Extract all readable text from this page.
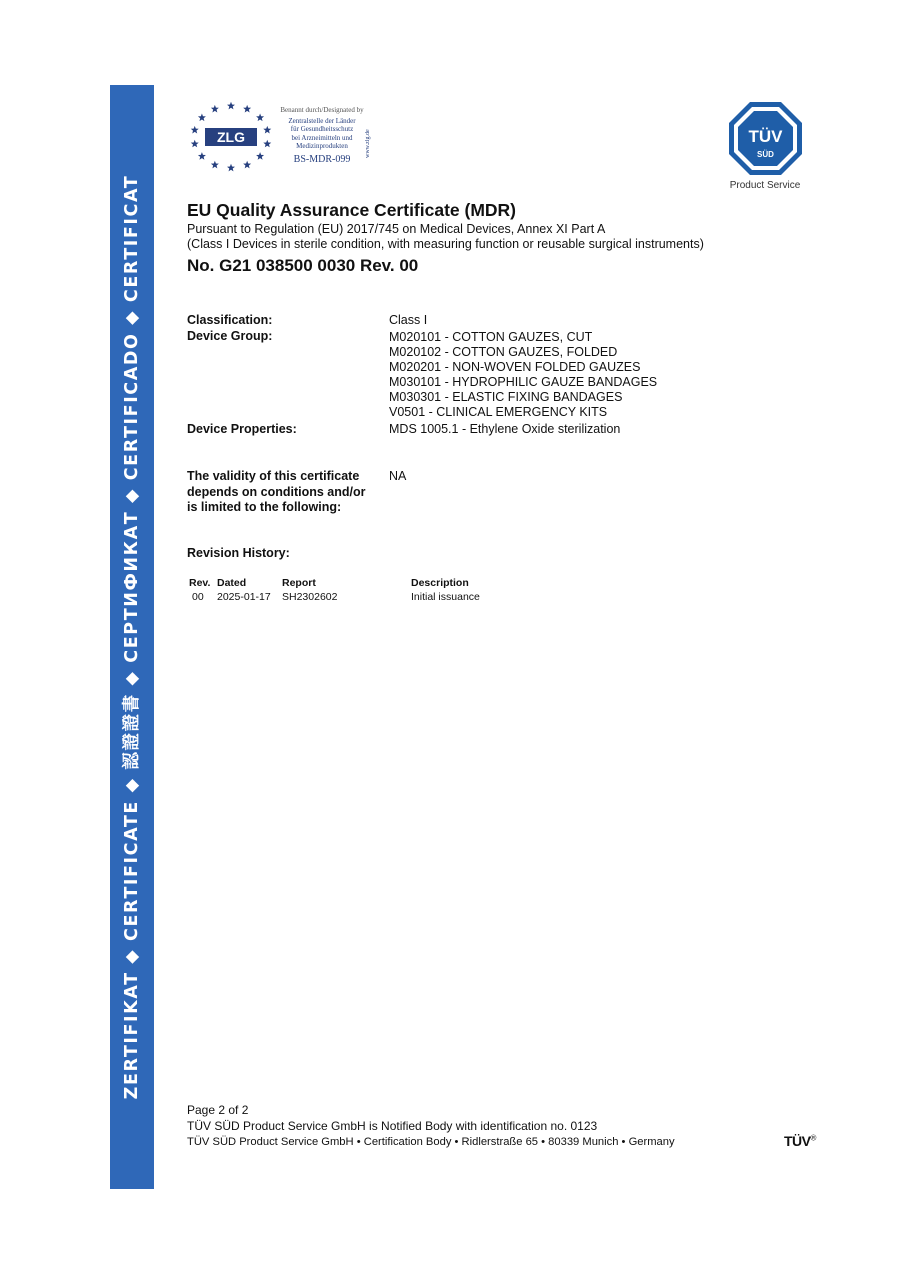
ZERTIFIKAT ◆ CERTIFICATE ◆ 認證證書 ◆ СЕРТИФИКАТ ◆ CERTIFICADO ◆ CERTIFICAT
ZLG
Benannt durch/Designated by
Zentralstelle der Länder
für Gesundheitsschutz
bei Arzneimitteln und
Medizinprodukten
BS-MDR-099
www.zlg.de	TÜV
SÜD
Product Service
EU Quality Assurance Certificate (MDR)
Pursuant to Regulation (EU) 2017/745 on Medical Devices, Annex XI Part A
(Class I Devices in sterile condition, with measuring function or reusable surgical instruments)
No. G21 038500 0030 Rev. 00
Classification:	Class I
Device Group:	M020101 - COTTON GAUZES, CUT
M020102 - COTTON GAUZES, FOLDED
M020201 - NON-WOVEN FOLDED GAUZES
M030101 - HYDROPHILIC GAUZE BANDAGES
M030301 - ELASTIC FIXING BANDAGES
V0501 - CLINICAL EMERGENCY KITS
Device Properties:	MDS 1005.1 - Ethylene Oxide sterilization
The validity of this certificate
depends on conditions and/or
is limited to the following:
NA
Revision History:
Rev. Dated	Report	Description
00 2025-01-17 SH2302602	Initial issuance
Page 2 of 2
TÜV SÜD Product Service GmbH is Notified Body with identification no. 0123
TÜV SÜD Product Service GmbH • Certification Body • Ridlerstraße 65 • 80339 Munich • Germany	TÜV®
